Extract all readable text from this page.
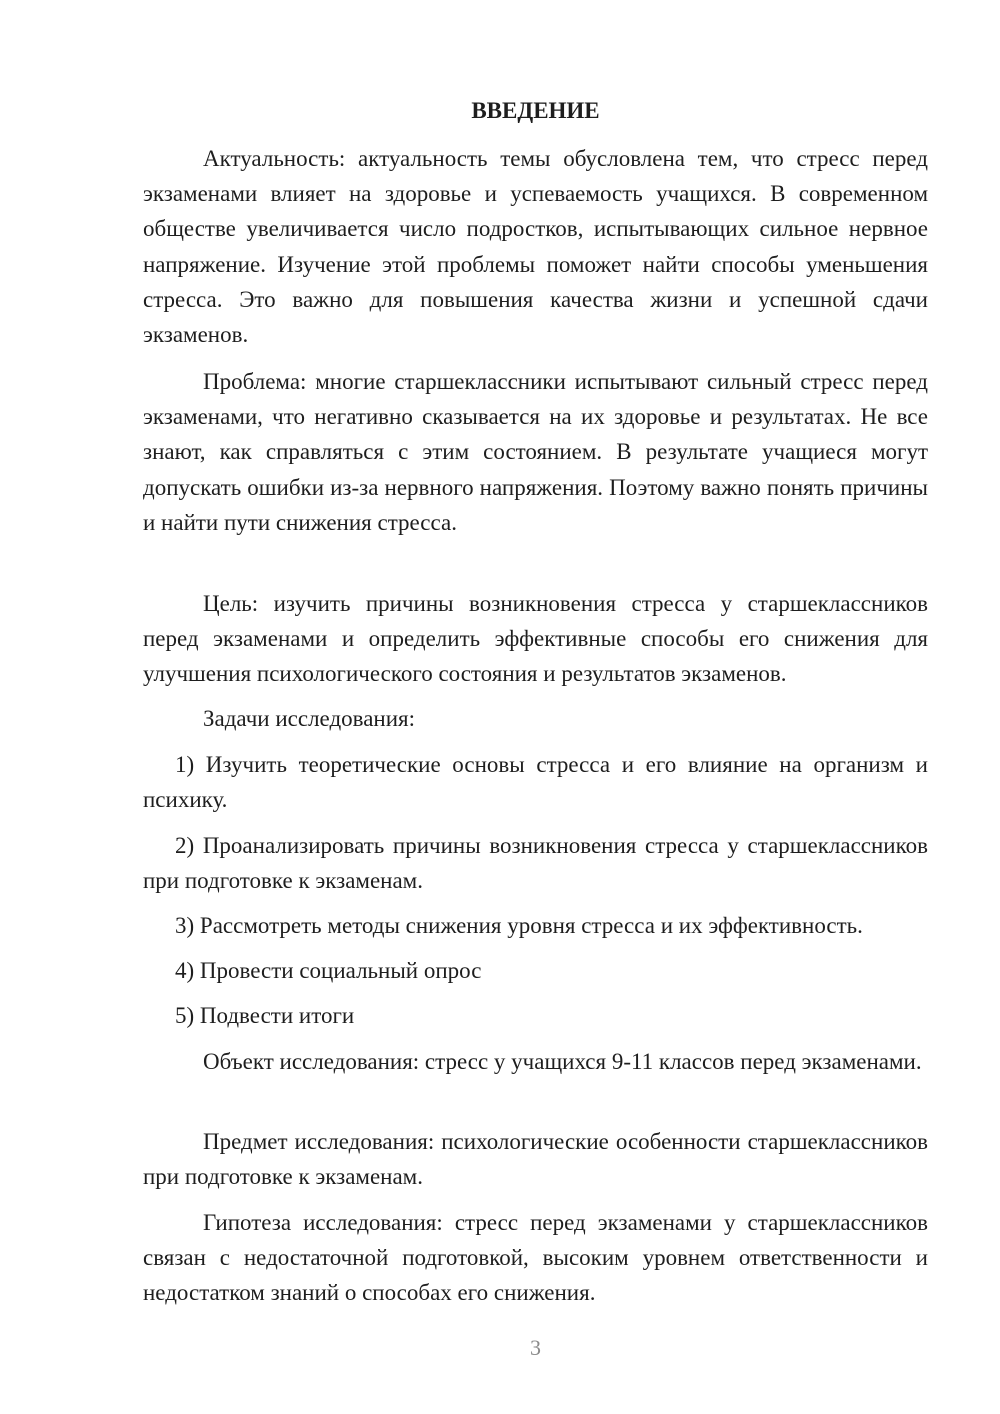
ВВЕДЕНИЕ

Актуальность: актуальность темы обусловлена тем, что стресс перед экзаменами влияет на здоровье и успеваемость учащихся. В современном обществе увеличивается число подростков, испытывающих сильное нервное напряжение. Изучение этой проблемы поможет найти способы уменьшения стресса. Это важно для повышения качества жизни и успешной сдачи экзаменов.

Проблема: многие старшеклассники испытывают сильный стресс перед экзаменами, что негативно сказывается на их здоровье и результатах. Не все знают, как справляться с этим состоянием. В результате учащиеся могут допускать ошибки из-за нервного напряжения. Поэтому важно понять причины и найти пути снижения стресса.

Цель: изучить причины возникновения стресса у старшеклассников перед экзаменами и определить эффективные способы его снижения для улучшения психологического состояния и результатов экзаменов.

Задачи исследования:

1) Изучить теоретические основы стресса и его влияние на организм и психику.

2) Проанализировать причины возникновения стресса у старшеклассников при подготовке к экзаменам.

3) Рассмотреть методы снижения уровня стресса и их эффективность.

4) Провести социальный опрос

5) Подвести итоги

Объект исследования: стресс у учащихся 9-11 классов перед экзаменами.

Предмет исследования: психологические особенности старшеклассников при подготовке к экзаменам.

Гипотеза исследования: стресс перед экзаменами у старшеклассников связан с недостаточной подготовкой, высоким уровнем ответственности и недостатком знаний о способах его снижения.

3
